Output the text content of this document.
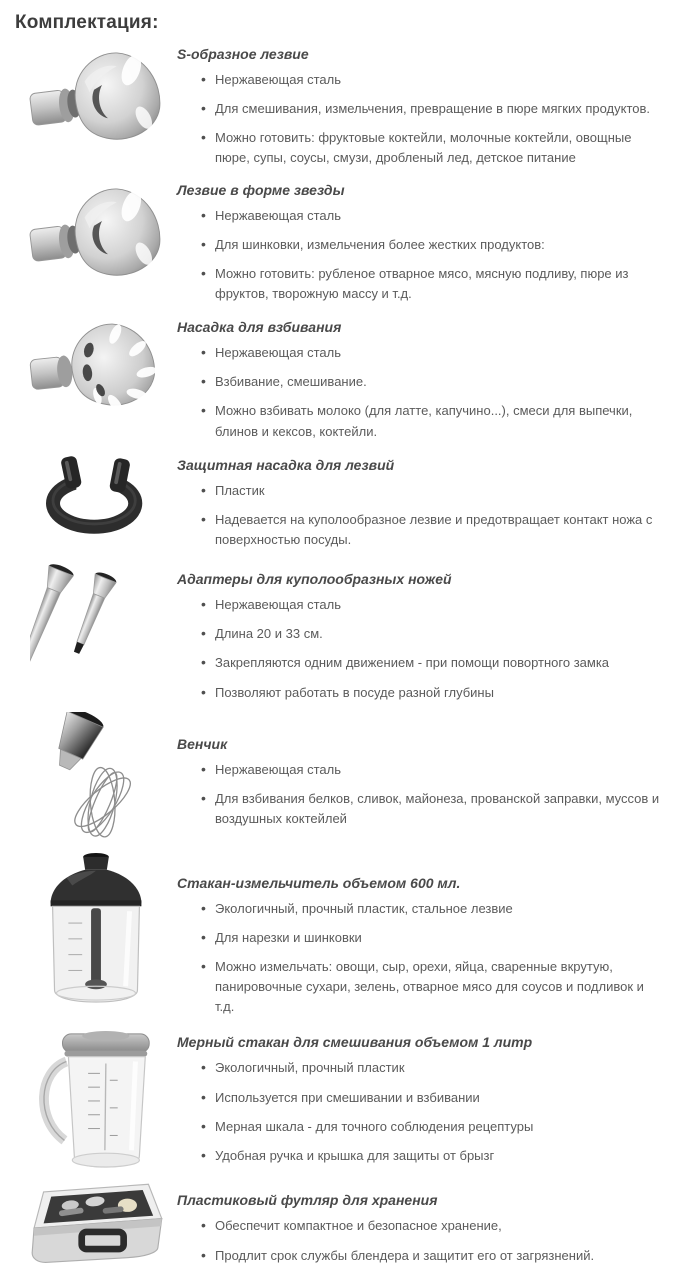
Комплектация:
S-образное лезвие
• Нержавеющая сталь
• Для смешивания, измельчения, превращение в пюре мягких продуктов.
• Можно готовить: фруктовые коктейли, молочные коктейли, овощные пюре, супы, соусы, смузи, дробленый лед, детское питание
Лезвие в форме звезды
• Нержавеющая сталь
• Для шинковки, измельчения более жестких продуктов:
• Можно готовить: рубленое отварное мясо, мясную подливу, пюре из фруктов, творожную массу и т.д.
Насадка для взбивания
• Нержавеющая сталь
• Взбивание, смешивание.
• Можно взбивать молоко (для латте, капучино...), смеси для выпечки, блинов и кексов, коктейли.
Защитная насадка для лезвий
• Пластик
• Надевается на куполообразное лезвие и предотвращает контакт ножа с поверхностью посуды.
Адаптеры для куполообразных ножей
• Нержавеющая сталь
• Длина 20 и 33 см.
• Закрепляются одним движением - при помощи повортного замка
• Позволяют работать в посуде разной глубины
Венчик
• Нержавеющая сталь
• Для взбивания белков, сливок, майонеза, прованской заправки, муссов и воздушных коктейлей
Стакан-измельчитель объемом 600 мл.
• Экологичный, прочный пластик, стальное лезвие
• Для нарезки и шинковки
• Можно измельчать: овощи, сыр, орехи, яйца, сваренные вкрутую, панировочные сухари, зелень, отварное мясо для соусов и подливок и т.д.
Мерный стакан для смешивания объемом 1 литр
• Экологичный, прочный пластик
• Используется при смешивании и взбивании
• Мерная шкала - для точного соблюдения рецептуры
• Удобная ручка и крышка для защиты от брызг
Пластиковый футляр для хранения
• Обеспечит компактное и безопасное хранение,
• Продлит срок службы блендера и защитит его от загрязнений.
